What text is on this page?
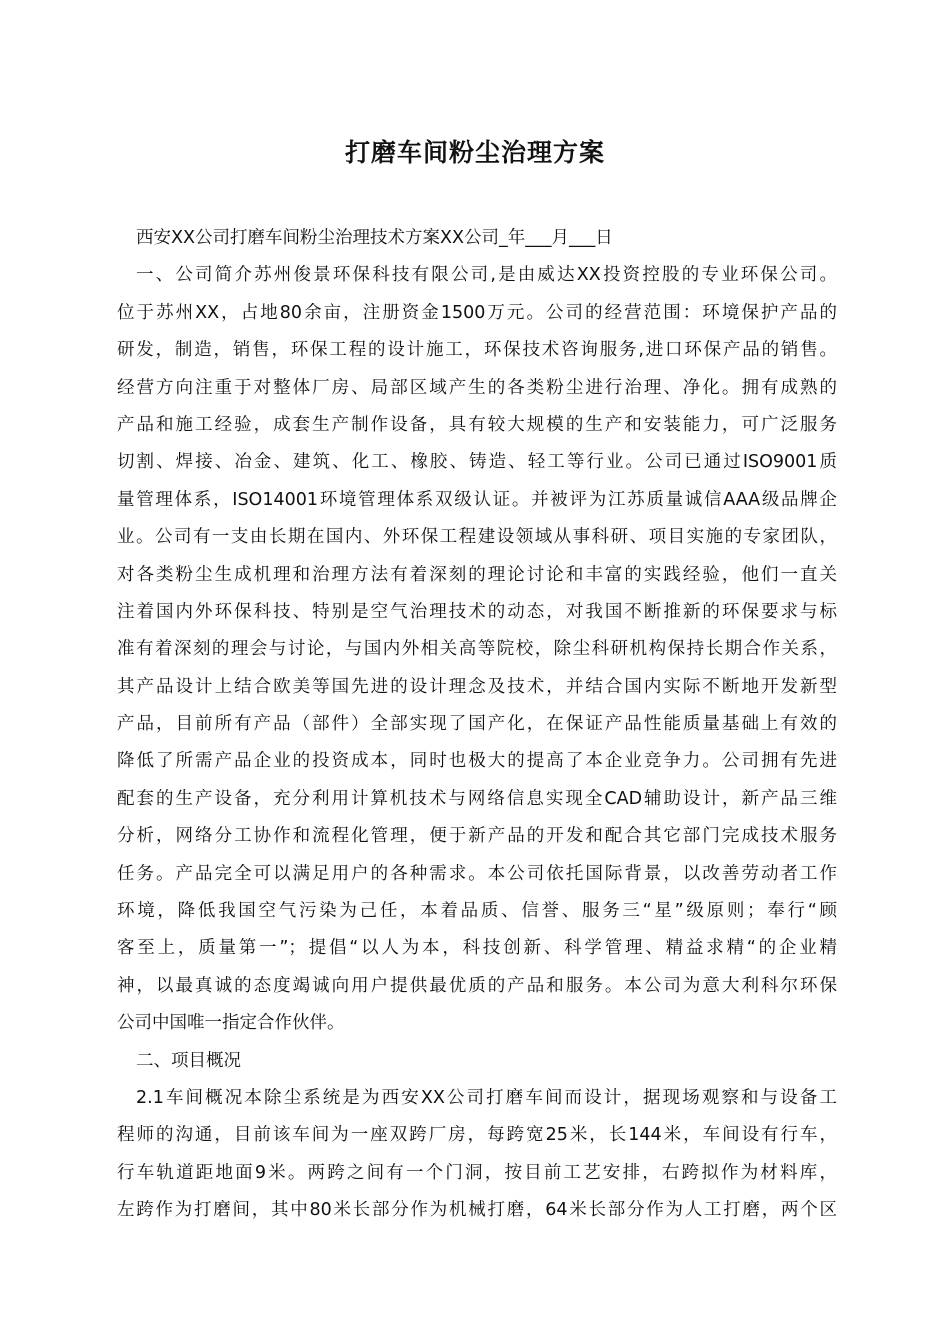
打磨车间粉尘治理方案
西安XX公司打磨车间粉尘治理技术方案XX公司_年___月___日
一、公司简介苏州俊景环保科技有限公司,是由威达XX投资控股的专业环保公司。
位于苏州XX，占地80余亩，注册资金1500万元。公司的经营范围：环境保护产品的
研发，制造，销售，环保工程的设计施工，环保技术咨询服务,进口环保产品的销售。
经营方向注重于对整体厂房、局部区域产生的各类粉尘进行治理、净化。拥有成熟的
产品和施工经验，成套生产制作设备，具有较大规模的生产和安装能力，可广泛服务
切割、焊接、冶金、建筑、化工、橡胶、铸造、轻工等行业。公司已通过ISO9001质
量管理体系，ISO14001环境管理体系双级认证。并被评为江苏质量诚信AAA级品牌企
业。公司有一支由长期在国内、外环保工程建设领域从事科研、项目实施的专家团队，
对各类粉尘生成机理和治理方法有着深刻的理论讨论和丰富的实践经验，他们一直关
注着国内外环保科技、特别是空气治理技术的动态，对我国不断推新的环保要求与标
准有着深刻的理会与讨论，与国内外相关高等院校，除尘科研机构保持长期合作关系，
其产品设计上结合欧美等国先进的设计理念及技术，并结合国内实际不断地开发新型
产品，目前所有产品（部件）全部实现了国产化，在保证产品性能质量基础上有效的
降低了所需产品企业的投资成本，同时也极大的提高了本企业竞争力。公司拥有先进
配套的生产设备，充分利用计算机技术与网络信息实现全CAD辅助设计，新产品三维
分析，网络分工协作和流程化管理，便于新产品的开发和配合其它部门完成技术服务
任务。产品完全可以满足用户的各种需求。本公司依托国际背景，以改善劳动者工作
环境，降低我国空气污染为己任，本着品质、信誉、服务三“星”级原则；奉行“顾
客至上，质量第一”；提倡“以人为本，科技创新、科学管理、精益求精“的企业精
神，以最真诚的态度竭诚向用户提供最优质的产品和服务。本公司为意大利科尔环保
公司中国唯一指定合作伙伴。
二、项目概况
2.1车间概况本除尘系统是为西安XX公司打磨车间而设计，据现场观察和与设备工
程师的沟通，目前该车间为一座双跨厂房，每跨宽25米，长144米，车间设有行车，
行车轨道距地面9米。两跨之间有一个门洞，按目前工艺安排，右跨拟作为材料库，
左跨作为打磨间，其中80米长部分作为机械打磨，64米长部分作为人工打磨，两个区
